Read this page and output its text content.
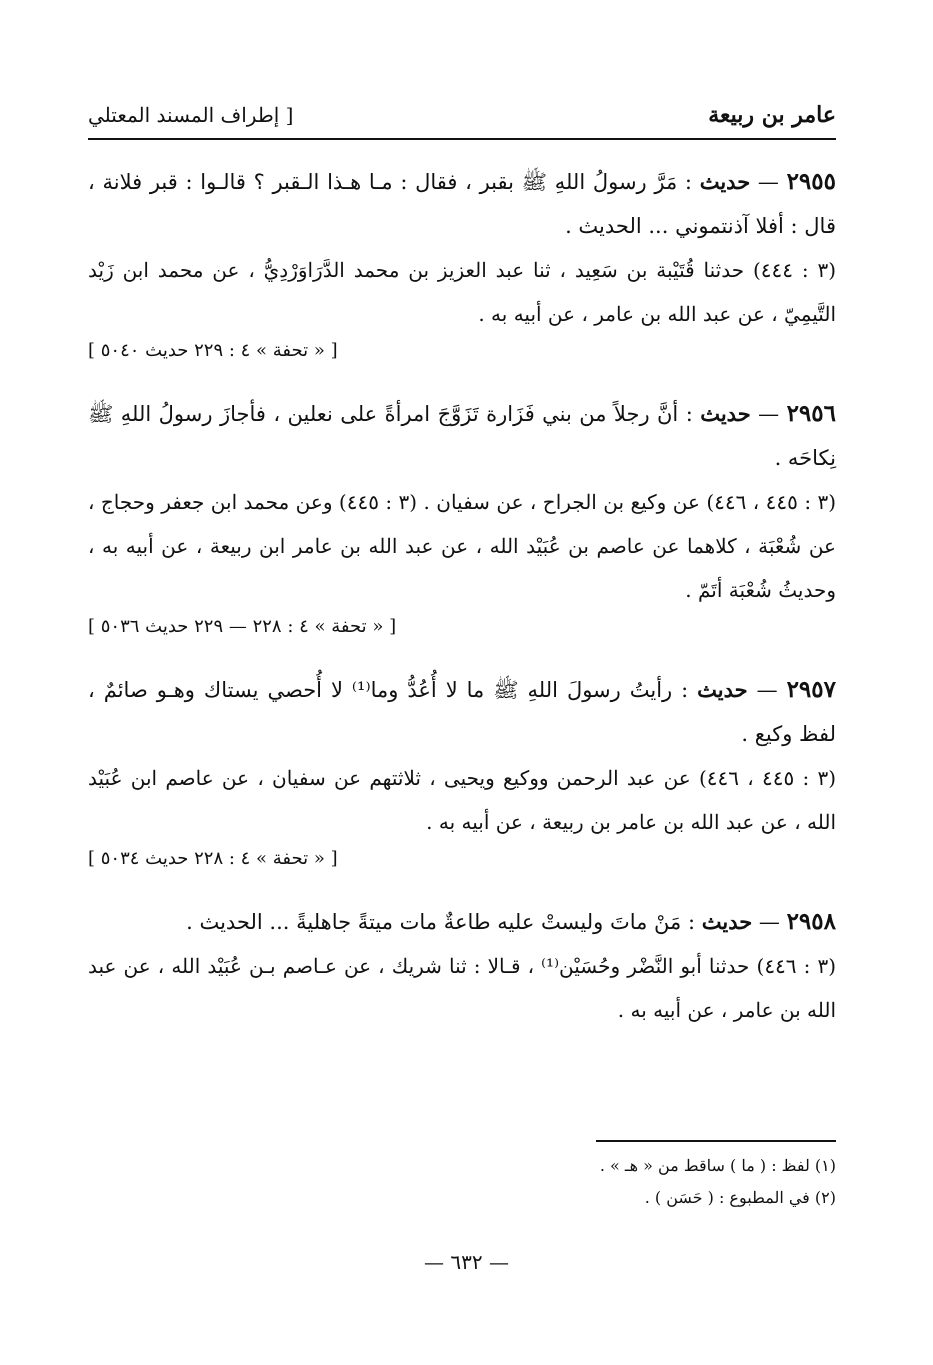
عامر بن ربيعة
[ إطراف المسند المعتلي
٢٩٥٥ — حديث : مَرَّ رسولُ اللهِ ﷺ بقبر ، فقال : مـا هـذا الـقبر ؟ قالـوا : قبر فلانة ، قال : أفلا آذنتموني ... الحديث .
(٣ : ٤٤٤) حدثنا قُتَيْبة بن سَعِيد ، ثنا عبد العزيز بن محمد الدَّرَاوَرْدِيُّ ، عن محمد ابن زَيْد التَّيمِيّ ، عن عبد الله بن عامر ، عن أبيه به .
[ « تحفة » ٤ : ٢٢٩ حديث ٥٠٤٠ ]
٢٩٥٦ — حديث : أنَّ رجلاً من بني فَزَارة تَزَوَّجَ امرأةً على نعلين ، فأجازَ رسولُ اللهِ ﷺ نِكاحَه .
(٣ : ٤٤٥ ، ٤٤٦) عن وكيع بن الجراح ، عن سفيان . (٣ : ٤٤٥) وعن محمد ابن جعفر وحجاج ، عن شُعْبَة ، كلاهما عن عاصم بن عُبَيْد الله ، عن عبد الله بن عامر ابن ربيعة ، عن أبيه به ، وحديثُ شُعْبَة أتَمّ .
[ « تحفة » ٤ : ٢٢٨ — ٢٢٩ حديث ٥٠٣٦ ]
٢٩٥٧ — حديث : رأيتُ رسولَ اللهِ ﷺ ما لا أُعُدُّ وما⁽¹⁾ لا أُحصي يستاك وهـو صائمٌ ، لفظ وكيع .
(٣ : ٤٤٥ ، ٤٤٦) عن عبد الرحمن ووكيع ويحيى ، ثلاثتهم عن سفيان ، عن عاصم ابن عُبَيْد الله ، عن عبد الله بن عامر بن ربيعة ، عن أبيه به .
[ « تحفة » ٤ : ٢٢٨ حديث ٥٠٣٤ ]
٢٩٥٨ — حديث : مَنْ ماتَ وليستْ عليه طاعةٌ مات ميتةً جاهليةً ... الحديث .
(٣ : ٤٤٦) حدثنا أبو النَّضْر وحُسَيْن⁽¹⁾ ، قـالا : ثنا شريك ، عن عـاصم بـن عُبَيْد الله ، عن عبد الله بن عامر ، عن أبيه به .
(١) لفظ : ( ما ) ساقط من « هـ » .
(٢) في المطبوع : ( حَسَن ) .
— ٦٣٢ —
